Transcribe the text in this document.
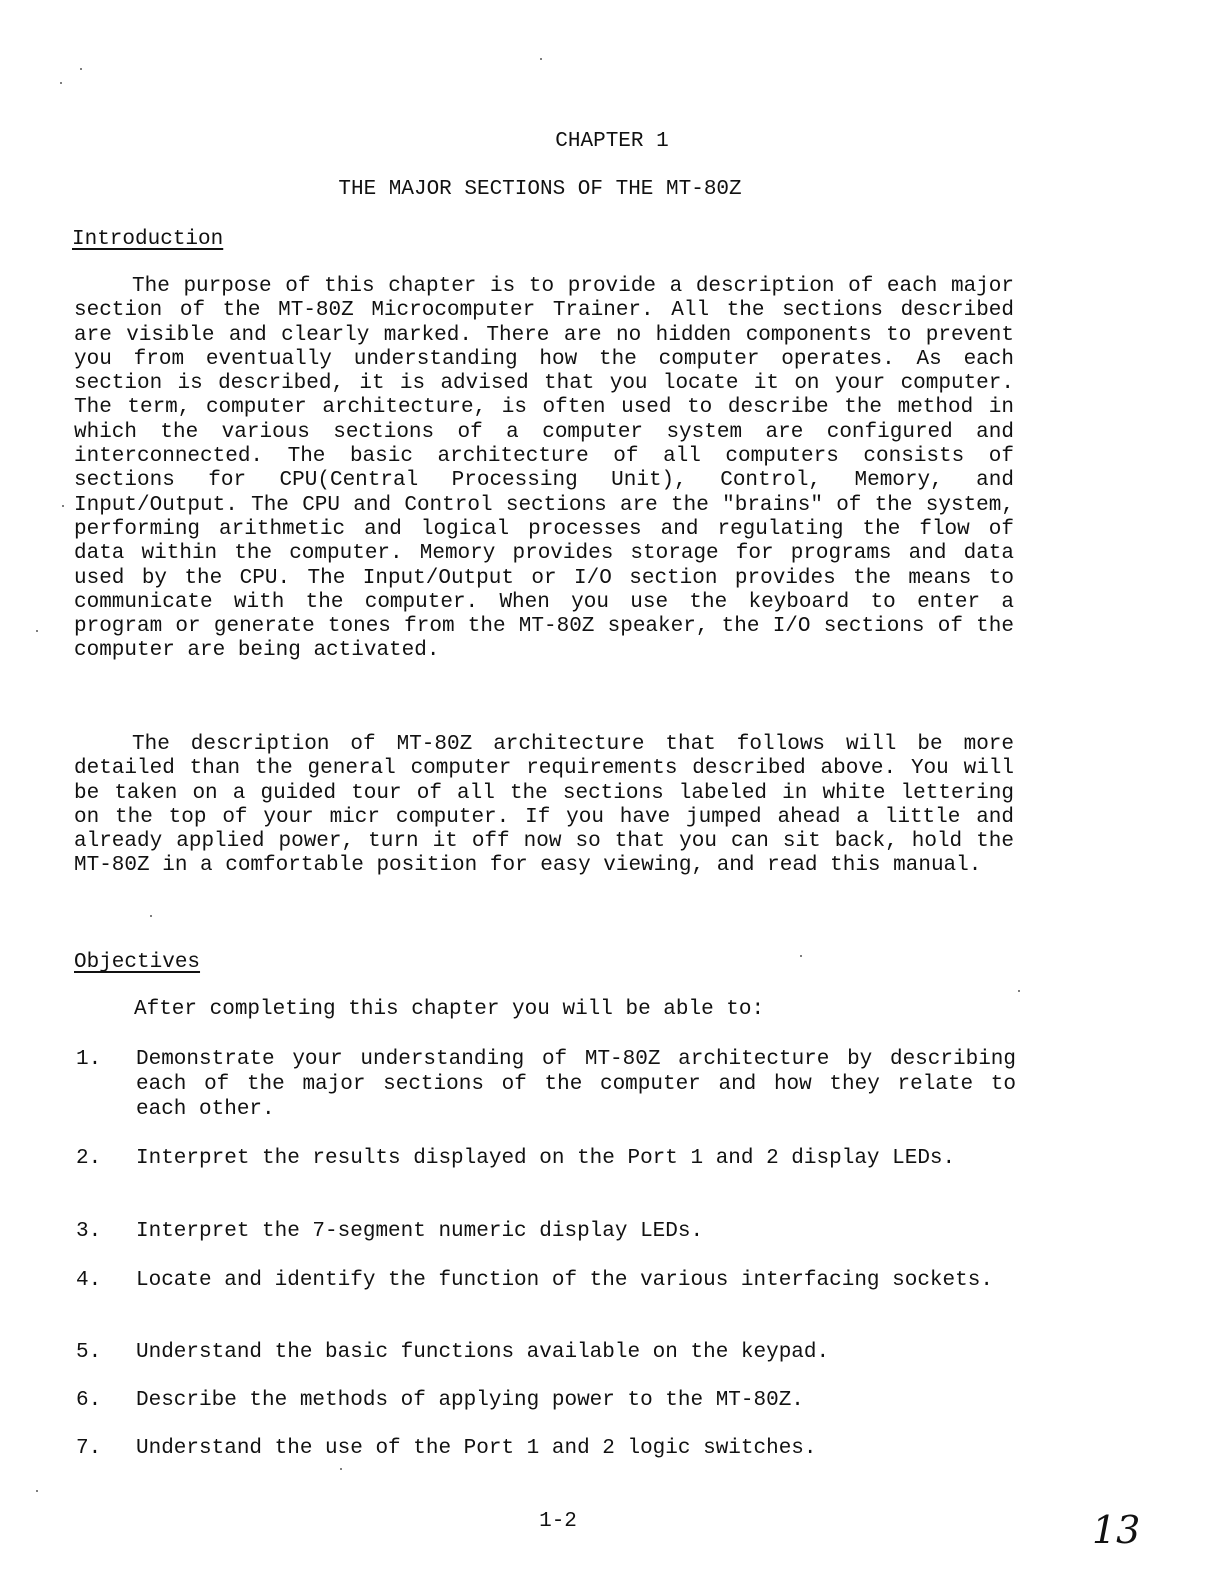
CHAPTER 1
THE MAJOR SECTIONS OF THE MT-80Z
Introduction

The purpose of this chapter is to provide a description of each major section of the MT-80Z Microcomputer Trainer. All the sections described are visible and clearly marked. There are no hidden components to prevent you from eventually understanding how the computer operates. As each section is described, it is advised that you locate it on your computer. The term, computer architecture, is often used to describe the method in which the various sections of a computer system are configured and interconnected. The basic architecture of all computers consists of sections for CPU(Central Processing Unit), Control, Memory, and Input/Output. The CPU and Control sections are the "brains" of the system, performing arithmetic and logical processes and regulating the flow of data within the computer. Memory provides storage for programs and data used by the CPU. The Input/Output or I/O section provides the means to communicate with the computer. When you use the keyboard to enter a program or generate tones from the MT-80Z speaker, the I/O sections of the computer are being activated.

The description of MT-80Z architecture that follows will be more detailed than the general computer requirements described above. You will be taken on a guided tour of all the sections labeled in white lettering on the top of your micr computer. If you have jumped ahead a little and already applied power, turn it off now so that you can sit back, hold the MT-80Z in a comfortable position for easy viewing, and read this manual.

Objectives
After completing this chapter you will be able to:
1.	Demonstrate your understanding of MT-80Z architecture by describing each of the major sections of the computer and how they relate to each other.
2.	Interpret the results displayed on the Port 1 and 2 display LEDs.
3.	Interpret the 7-segment numeric display LEDs.
4.	Locate and identify the function of the various interfacing sockets.
5.	Understand the basic functions available on the keypad.
6.	Describe the methods of applying power to the MT-80Z.
7.	Understand the use of the Port 1 and 2 logic switches.
1-2	13
